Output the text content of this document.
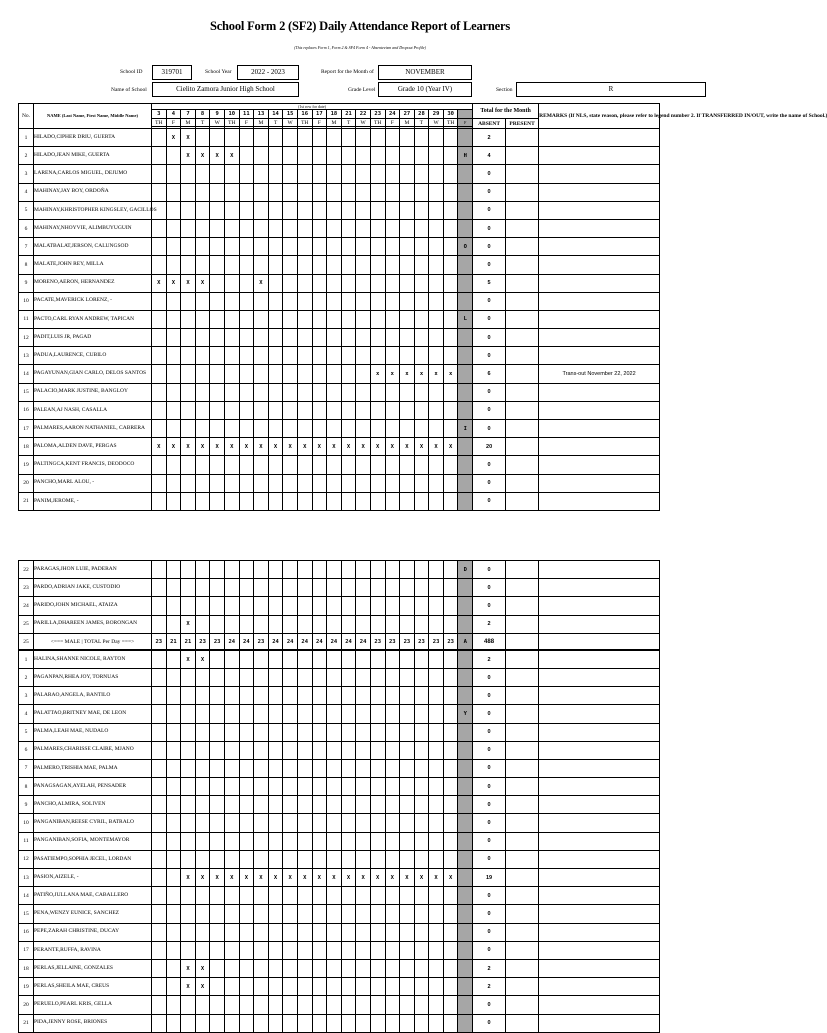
School Form 2 (SF2) Daily Attendance Report of Learners
(This replaces Form 1, Form 2 & SF4 Form 4 - Absenteeism and Dropout Profile)
School ID	319701	School Year	2022 - 2023	Report for the Month of	NOVEMBER
Name of School	Cielito Zamora Junior High School	Grade Level	Grade 10 (Year IV)	Section	R
No.	NAME (Last Name, First Name, Middle Name)	(1st row for date)																						Total for the Month		REMARKS (If NLS, state reason, please refer to legend number 2. If TRANSFERRED IN/OUT, write the name of School.)
		3	4	7	8	9	10	11	13	14	15	16	17	18	21	22	23	24	27	28	29	30				
		TH	F	M	T	W	TH	F	M	T	W	TH	F	M	T	W	TH	F	M	T	W	TH	F	ABSENT	PRESENT	

1	HILADO,CIPHER DRIU, GUERTA		X	X																				2		
2	HILADO,JEAN MIKE, GUERTA			X	X	X	X																H	4		
3	LARENA,CARLOS MIGUEL, DEJUMO																							0		
4	MAHINAY,JAY BOY, ORDOÑA																							0		
5	MAHINAY,KHRISTOPHER KINGSLEY, GACILLOS																							0		
6	MAHINAY,NHOYVIE, ALIMBUYUGUIN																							0		
7	MALATBALAT,JERSON, CALUNGSOD																						O	0		
8	MALATE,JOHN REY, MILLA																							0		
9	MORENO,AERON, HERNANDEZ	X	X	X	X				X															5		
10	PACATE,MAVERICK LORENZ, -																							0		
11	PACTO,CARL RYAN ANDREW, TAPICAN																						L	0		
12	PADIT,LUIS JR, PAGAD																							0		
13	PADUA,LAURENCE, CUBILO																							0		
14	PAGAYUNAN,GIAN CARLO, DELOS SANTOS																x	x	x	x	x	x		6		Trans-out November 22, 2022
15	PALACIO,MARK JUSTINE, BANGLOY																							0		
16	PALEAN,AJ NASH, CASALLA																							0		
17	PALMARES,AARON NATHANIEL, CABRERA																						I	0		
18	PALOMA,ALDEN DAVE, PERGAS	X	X	X	X	X	X	X	X	X	X	X	X	X	X	X	X	X	X	X	X	X		20		
19	PALTINGCA,KENT FRANCIS, DEODOCO																							0		
20	PANCHO,MARL ALOU, -																							0		
21	PANIM,JEROME, -																							0		
22	PARAGAS,JHON LUIE, PADERAN																						D	0		
23	PARDO,ADRIAN JAKE, CUSTODIO																							0		
24	PARIDO,JOHN MICHAEL, ATAIZA																							0		
25	PARILLA,DHAREEN JAMES, BORONGAN			X																				2		
25	<=== MALE | TOTAL Per Day ===>	23	21	21	23	23	24	24	23	24	24	24	24	24	24	24	23	23	23	23	23	23	A	488		
1	HALINA,SHANNE NICOLE, RAYTON			X	X																			2		
2	PAGANPAN,RHEA JOY, TORNUAS																							0		
3	PALARAO,ANGELA, BANTILO																							0		
4	PALATTAO,BRITNEY MAE, DE LEON																						Y	0		
5	PALMA,LEAH MAE, NUDALO																							0		
6	PALMARES,CHARISSE CLAIRE, MJANO																							0		
7	PALMERO,TRISHIA MAE, PALMA																							0		
8	PANAGSAGAN,AYELAH, PENSADER																							0		
9	PANCHO,ALMIRA, SOLIVEN																							0		
10	PANGANIBAN,REESE CYRIL, BATRALO																							0		
11	PANGANIBAN,SOFIA, MONTEMAYOR																							0		
12	PASATIEMPO,SOPHIA JECEL, LORDAN																							0		
13	PASION,AIZELE, -			X	X	X	X	X	X	X	X	X	X	X	X	X	X	X	X	X	X	X		19		
14	PATIÑO,JULLANA MAE, CABALLERO																							0		
15	PENA,WENZY EUNICE, SANCHEZ																							0		
16	PEPE,ZARAH CHRISTINE, DUCAY																							0		
17	PERANTE,RUFFA, RAVINA																							0		
18	PERLAS,JELLAINE, GONZALES			X	X																			2		
19	PERLAS,SHEILA MAE, CREUS			X	X																			2		
20	PERUELO,PEARL KRIS, GELLA																							0		
21	PIDA,JENNY ROSE, BRIONES																							0		
